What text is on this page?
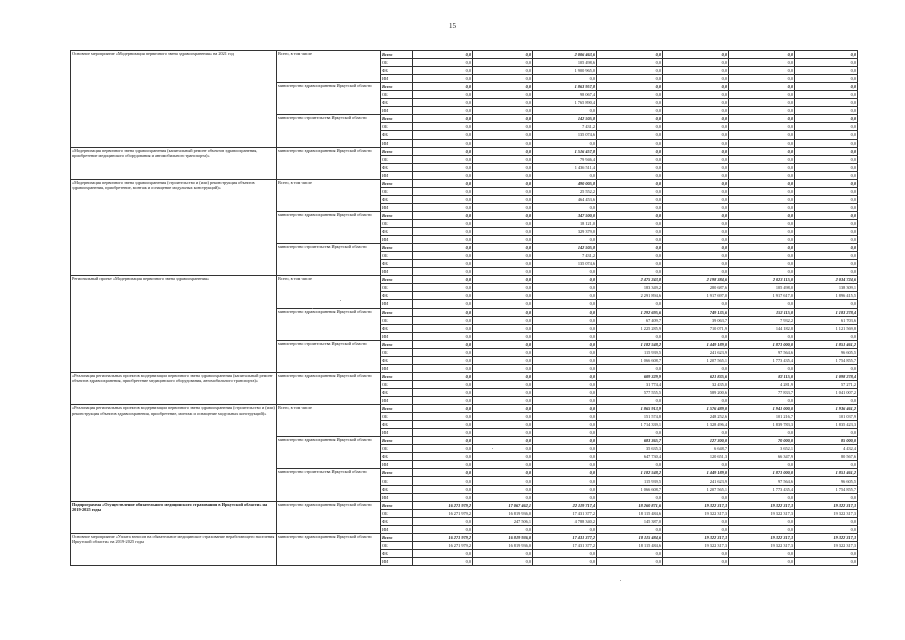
15
Основное мероприятие «Модернизация первичного звена здравоохранения» на 2021 год	Всего, в том числе	Всего	0,0	0,0	2 006 463,6	0,0	0,0	0,0	0,0
		ОБ	0,0	0,0	105 498,6	0,0	0,0	0,0	0,0
		ФБ	0,0	0,0	1 900 965,0	0,0	0,0	0,0	0,0
		ИИ	0,0	0,0	0,0	0,0	0,0	0,0	0,0
	министерство здравоохранения Иркутской области	Всего	0,0	0,0	1 863 957,8	0,0	0,0	0,0	0,0
		ОБ	0,0	0,0	98 067,4	0,0	0,0	0,0	0,0
		ФБ	0,0	0,0	1 765 890,4	0,0	0,0	0,0	0,0
		ИИ	0,0	0,0	0,0	0,0	0,0	0,0	0,0
	министерство строительства Иркутской области	Всего	0,0	0,0	142 505,8	0,0	0,0	0,0	0,0
		ОБ	0,0	0,0	7 431,2	0,0	0,0	0,0	0,0
		ФБ	0,0	0,0	135 074,6	0,0	0,0	0,0	0,0
		ИИ	0,0	0,0	0,0	0,0	0,0	0,0	0,0
«Модернизация первичного звена здравоохранения (капитальный ремонт объектов здравоохранения, приобретение медицинского оборудования и автомобильного транспорта)»	министерство здравоохранения Иркутской области	Всего	0,0	0,0	1 516 457,8	0,0	0,0	0,0	0,0
		ОБ	0,0	0,0	79 946,4	0,0	0,0	0,0	0,0
		ФБ	0,0	0,0	1 436 511,4	0,0	0,0	0,0	0,0
		ИИ	0,0	0,0	0,0	0,0	0,0	0,0	0,0
«Модернизация первичного звена здравоохранения (строительство и (или) реконструкция объектов здравоохранения, приобретение, монтаж и оснащение модульных конструкций)»	Всего, в том числе	Всего	0,0	0,0	490 005,8	0,0	0,0	0,0	0,0
		ОБ	0,0	0,0	25 552,2	0,0	0,0	0,0	0,0
		ФБ	0,0	0,0	464 453,6	0,0	0,0	0,0	0,0
		ИИ	0,0	0,0	0,0	0,0	0,0	0,0	0,0
	министерство здравоохранения Иркутской области	Всего	0,0	0,0	347 500,0	0,0	0,0	0,0	0,0
		ОБ	0,0	0,0	18 121,0	0,0	0,0	0,0	0,0
		ФБ	0,0	0,0	329 379,0	0,0	0,0	0,0	0,0
		ИИ	0,0	0,0	0,0	0,0	0,0	0,0	0,0
	министерство строительства Иркутской области	Всего	0,0	0,0	142 505,8	0,0	0,0	0,0	0,0
		ОБ	0,0	0,0	7 431,2	0,0	0,0	0,0	0,0
		ФБ	0,0	0,0	135 074,6	0,0	0,0	0,0	0,0
		ИИ	0,0	0,0	0,0	0,0	0,0	0,0	0,0
Региональный проект «Модернизация первичного звена здравоохранения»	Всего, в том числе	Всего	0,0	0,0	0,0	2 475 243,8	2 198 384,6	2 023 115,0	2 034 724,6
		ОБ	0,0	0,0	0,0	183 349,2	280 687,6	105 498,0	138 309,1
		ФБ	0,0	0,0	0,0	2 291 894,6	1 917 697,0	1 917 617,0	1 896 415,5
		ИИ	0,0	0,0	0,0	0,0	0,0	0,0	0,0
	министерство здравоохранения Иркутской области	Всего	0,0	0,0	0,0	1 292 695,6	749 135,6	152 115,0	1 183 278,4
		ОБ	0,0	0,0	0,0	67 409,7	39 063,7	7 932,2	61 703,6
		ФБ	0,0	0,0	0,0	1 225 285,9	710 071,9	144 182,8	1 121 569,8
		ИИ	0,0	0,0	0,0	0,0	0,0	0,0	0,0
	министерство строительства Иркутской области	Всего	0,0	0,0	0,0	1 182 548,2	1 449 189,0	1 871 000,0	1 851 461,2
		ОБ	0,0	0,0	0,0	115 939,5	241 623,9	97 564,6	96 605,5
		ФБ	0,0	0,0	0,0	1 066 608,7	1 207 565,1	1 773 435,4	1 754 855,7
		ИИ	0,0	0,0	0,0	0,0	0,0	0,0	0,0
«Реализация региональных проектов модернизации первичного звена здравоохранения (капитальный ремонт объектов здравоохранения, приобретение медицинского оборудования, автомобильного транспорта)»	министерство здравоохранения Иркутской области	Всего	0,0	0,0	0,0	609 329,9	621 835,6	82 115,0	1 098 278,4
		ОБ	0,0	0,0	0,0	31 774,4	32 435,0	4 281,9	57 271,2
		ФБ	0,0	0,0	0,0	577 555,5	589 200,6	77 833,7	1 041 007,2
		ИИ	0,0	0,0	0,0	0,0	0,0	0,0	0,0
«Реализация региональных проектов модернизации первичного звена здравоохранения (строительство и (или) реконструкция объектов здравоохранения, приобретение, монтаж и оснащение модульных конструкций)»	Всего, в том числе	Всего	0,0	0,0	0,0	1 865 913,9	1 576 489,0	1 941 000,0	1 936 461,2
		ОБ	0,0	0,0	0,0	151 574,8	248 252,6	101 216,7	101 037,9
		ФБ	0,0	0,0	0,0	1 714 339,1	1 328 496,4	1 839 783,3	1 835 423,3
		ИИ	0,0	0,0	0,0	0,0	0,0	0,0	0,0
	министерство здравоохранения Иркутской области	Всего	0,0	0,0	0,0	683 365,7	127 300,0	70 000,0	85 000,0
		ОБ	0,0	0,0	0,0	35 635,3	6 648,7	3 652,1	4 432,4
		ФБ	0,0	0,0	0,0	647 730,4	120 651,3	66 347,9	80 567,6
		ИИ	0,0	0,0	0,0	0,0	0,0	0,0	0,0
	министерство строительства Иркутской области	Всего	0,0	0,0	0,0	1 182 548,2	1 449 189,0	1 871 000,0	1 851 461,2
		ОБ	0,0	0,0	0,0	115 939,5	241 623,9	97 564,6	96 605,5
		ФБ	0,0	0,0	0,0	1 066 608,7	1 207 565,1	1 773 435,4	1 754 855,7
		ИИ	0,0	0,0	0,0	0,0	0,0	0,0	0,0
Подпрограмма «Осуществление обязательного медицинского страхования в Иркутской области» на 2019-2025 годы	министерство здравоохранения Иркутской области	Всего	16 271 979,2	17 067 462,1	22 119 717,4	18 260 871,6	19 322 317,3	19 322 317,3	19 322 317,3
		ОБ	16 271 979,2	16 819 936,0	17 431 377,2	18 115 484,6	19 322 317,3	19 322 317,3	19 322 317,3
		ФБ	0,0	247 506,1	4 788 340,2	145 387,0	0,0	0,0	0,0
		ИИ	0,0	0,0	0,0	0,0	0,0	0,0	0,0
Основное мероприятие «Уплата взносов на обязательное медицинское страхование неработающего населения Иркутской области» на 2019-2025 годы	министерство здравоохранения Иркутской области	Всего	16 271 979,2	16 819 936,0	17 431 377,2	18 115 484,6	19 322 317,3	19 322 317,3	19 322 317,3
		ОБ	16 271 979,2	16 819 936,0	17 431 377,2	18 115 484,6	19 322 317,3	19 322 317,3	19 322 317,3
		ФБ	0,0	0,0	0,0	0,0	0,0	0,0	0,0
		ИИ	0,0	0,0	0,0	0,0	0,0	0,0	0,0
